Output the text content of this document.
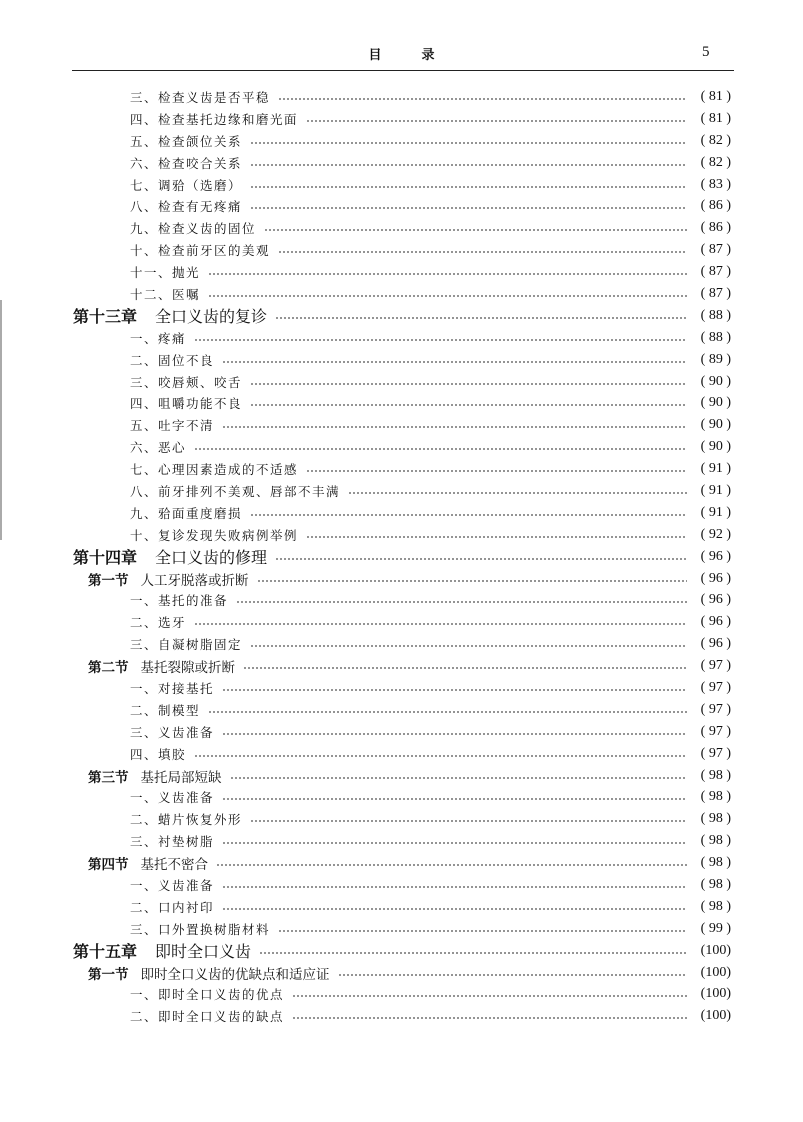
目录	5
三、检查义齿是否平稳	( 81 )
四、检查基托边缘和磨光面	( 81 )
五、检查颌位关系	( 82 )
六、检查咬合关系	( 82 )
七、调𬌗（选磨）	( 83 )
八、检查有无疼痛	( 86 )
九、检查义齿的固位	( 86 )
十、检查前牙区的美观	( 87 )
十一、抛光	( 87 )
十二、医嘱	( 87 )
第十三章 全口义齿的复诊	( 88 )
一、疼痛	( 88 )
二、固位不良	( 89 )
三、咬唇颊、咬舌	( 90 )
四、咀嚼功能不良	( 90 )
五、吐字不清	( 90 )
六、恶心	( 90 )
七、心理因素造成的不适感	( 91 )
八、前牙排列不美观、唇部不丰满	( 91 )
九、𬌗面重度磨损	( 91 )
十、复诊发现失败病例举例	( 92 )
第十四章 全口义齿的修理	( 96 )
第一节 人工牙脱落或折断	( 96 )
一、基托的准备	( 96 )
二、选牙	( 96 )
三、自凝树脂固定	( 96 )
第二节 基托裂隙或折断	( 97 )
一、对接基托	( 97 )
二、制模型	( 97 )
三、义齿准备	( 97 )
四、填胶	( 97 )
第三节 基托局部短缺	( 98 )
一、义齿准备	( 98 )
二、蜡片恢复外形	( 98 )
三、衬垫树脂	( 98 )
第四节 基托不密合	( 98 )
一、义齿准备	( 98 )
二、口内衬印	( 98 )
三、口外置换树脂材料	( 99 )
第十五章 即时全口义齿	(100)
第一节 即时全口义齿的优缺点和适应证	(100)
一、即时全口义齿的优点	(100)
二、即时全口义齿的缺点	(100)
